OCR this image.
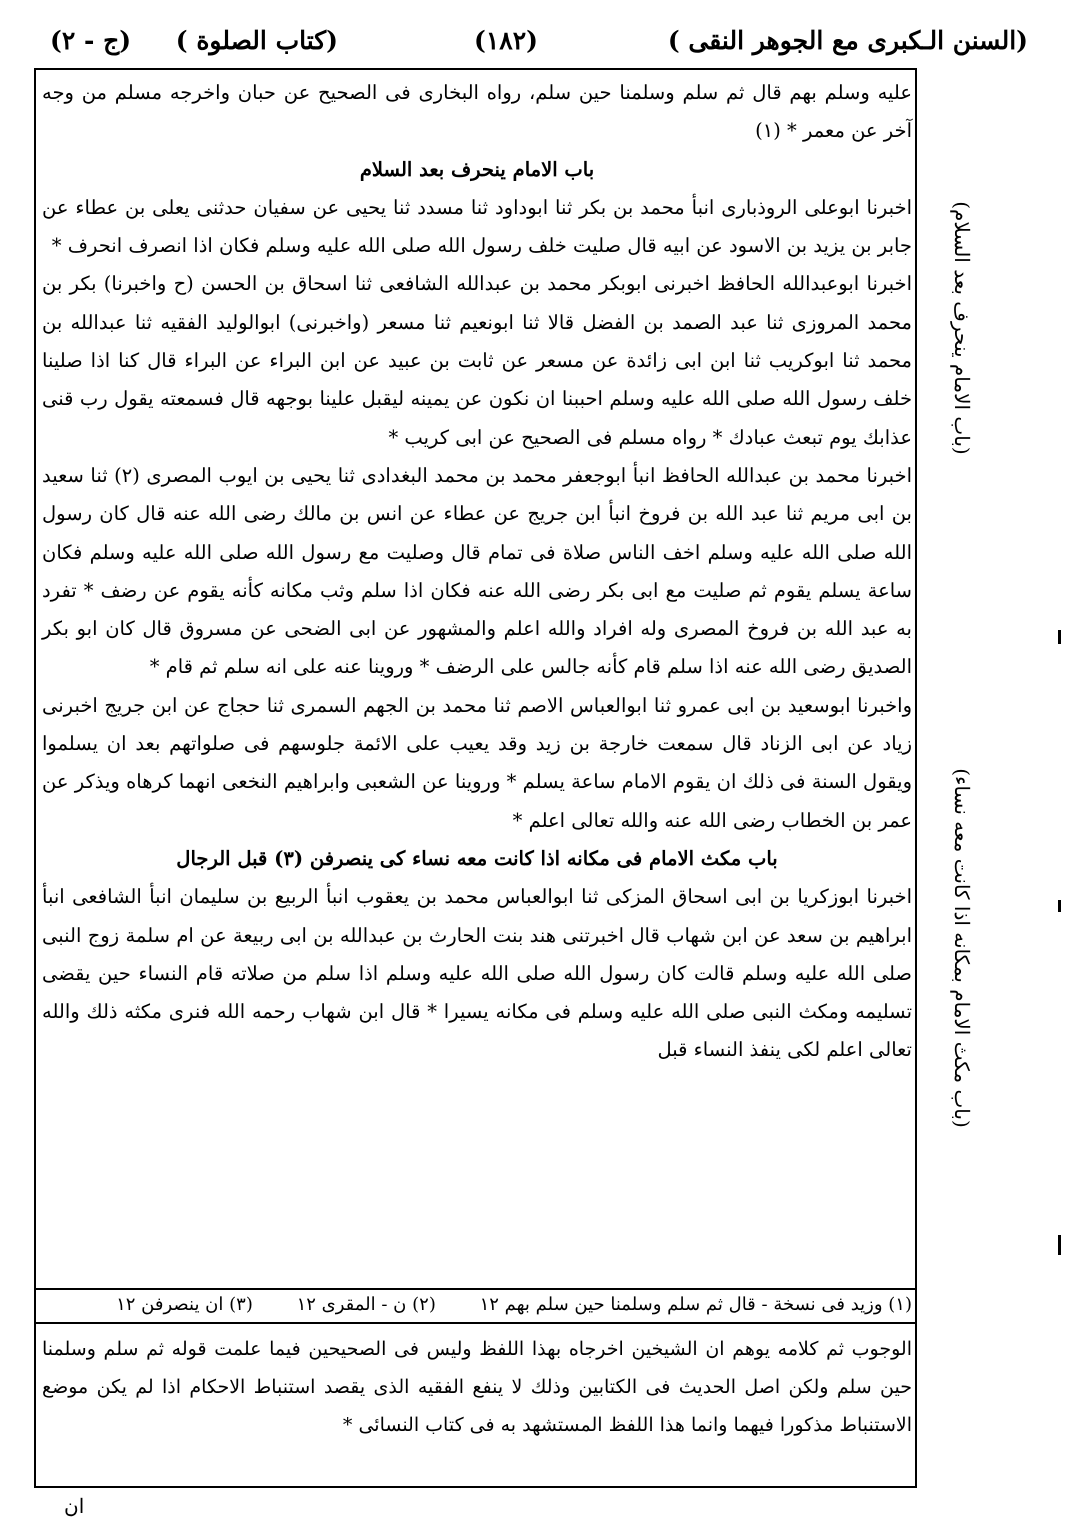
(السنن الـكبرى مع الجوهر النقى )
(١٨٢)
(كتاب الصلوة )
(ج - ٢)

عليه وسلم بهم قال ثم سلم وسلمنا حين سلم، رواه البخارى فى الصحيح عن حبان واخرجه مسلم من وجه آخر عن معمر * (١)

باب الامام ينحرف بعد السلام

اخبرنا ابوعلى الروذبارى انبأ محمد بن بكر ثنا ابوداود ثنا مسدد ثنا يحيى عن سفيان حدثنى يعلى بن عطاء عن جابر بن يزيد بن الاسود عن ابيه قال صليت خلف رسول الله صلى الله عليه وسلم فكان اذا انصرف انحرف *

اخبرنا ابوعبدالله الحافظ اخبرنى ابوبكر محمد بن عبدالله الشافعى ثنا اسحاق بن الحسن (ح واخبرنا) بكر بن محمد المروزى ثنا عبد الصمد بن الفضل قالا ثنا ابونعيم ثنا مسعر (واخبرنى) ابوالوليد الفقيه ثنا عبدالله بن محمد ثنا ابوكريب ثنا ابن ابى زائدة عن مسعر عن ثابت بن عبيد عن ابن البراء عن البراء قال كنا اذا صلينا خلف رسول الله صلى الله عليه وسلم احببنا ان نكون عن يمينه ليقبل علينا بوجهه قال فسمعته يقول رب قنى عذابك يوم تبعث عبادك * رواه مسلم فى الصحيح عن ابى كريب *

اخبرنا محمد بن عبدالله الحافظ انبأ ابوجعفر محمد بن محمد البغدادى ثنا يحيى بن ايوب المصرى (٢) ثنا سعيد بن ابى مريم ثنا عبد الله بن فروخ انبأ ابن جريج عن عطاء عن انس بن مالك رضى الله عنه قال كان رسول الله صلى الله عليه وسلم اخف الناس صلاة فى تمام قال وصليت مع رسول الله صلى الله عليه وسلم فكان ساعة يسلم يقوم ثم صليت مع ابى بكر رضى الله عنه فكان اذا سلم وثب مكانه كأنه يقوم عن رضف * تفرد به عبد الله بن فروخ المصرى وله افراد والله اعلم والمشهور عن ابى الضحى عن مسروق قال كان ابو بكر الصديق رضى الله عنه اذا سلم قام كأنه جالس على الرضف * وروينا عنه على انه سلم ثم قام *

واخبرنا ابوسعيد بن ابى عمرو ثنا ابوالعباس الاصم ثنا محمد بن الجهم السمرى ثنا حجاج عن ابن جريج اخبرنى زياد عن ابى الزناد قال سمعت خارجة بن زيد وقد يعيب على الائمة جلوسهم فى صلواتهم بعد ان يسلموا ويقول السنة فى ذلك ان يقوم الامام ساعة يسلم * وروينا عن الشعبى وابراهيم النخعى انهما كرهاه ويذكر عن عمر بن الخطاب رضى الله عنه والله تعالى اعلم *

باب مكث الامام فى مكانه اذا كانت معه نساء كى ينصرفن (٣) قبل الرجال

اخبرنا ابوزكريا بن ابى اسحاق المزكى ثنا ابوالعباس محمد بن يعقوب انبأ الربيع بن سليمان انبأ الشافعى انبأ ابراهيم بن سعد عن ابن شهاب قال اخبرتنى هند بنت الحارث بن عبدالله بن ابى ربيعة عن ام سلمة زوج النبى صلى الله عليه وسلم قالت كان رسول الله صلى الله عليه وسلم اذا سلم من صلاته قام النساء حين يقضى تسليمه ومكث النبى صلى الله عليه وسلم فى مكانه يسيرا * قال ابن شهاب رحمه الله فنرى مكثه ذلك والله تعالى اعلم لكى ينفذ النساء قبل

(١) وزيد فى نسخة - قال ثم سلم وسلمنا حين سلم بهم ١٢ (٢) ن - المقرى ١٢ (٣) ان ينصرفن ١٢
الوجوب ثم كلامه يوهم ان الشيخين اخرجاه بهذا اللفظ وليس فى الصحيحين فيما علمت قوله ثم سلم وسلمنا حين سلم ولكن اصل الحديث فى الكتابين وذلك لا ينفع الفقيه الذى يقصد استنباط الاحكام اذا لم يكن موضع الاستنباط مذكورا فيهما وانما هذا اللفظ المستشهد به فى كتاب النسائى *
ان
(باب الامام ينحرف بعد السلام)
(باب مكث الامام بمكانه اذا كانت معه نساء)
